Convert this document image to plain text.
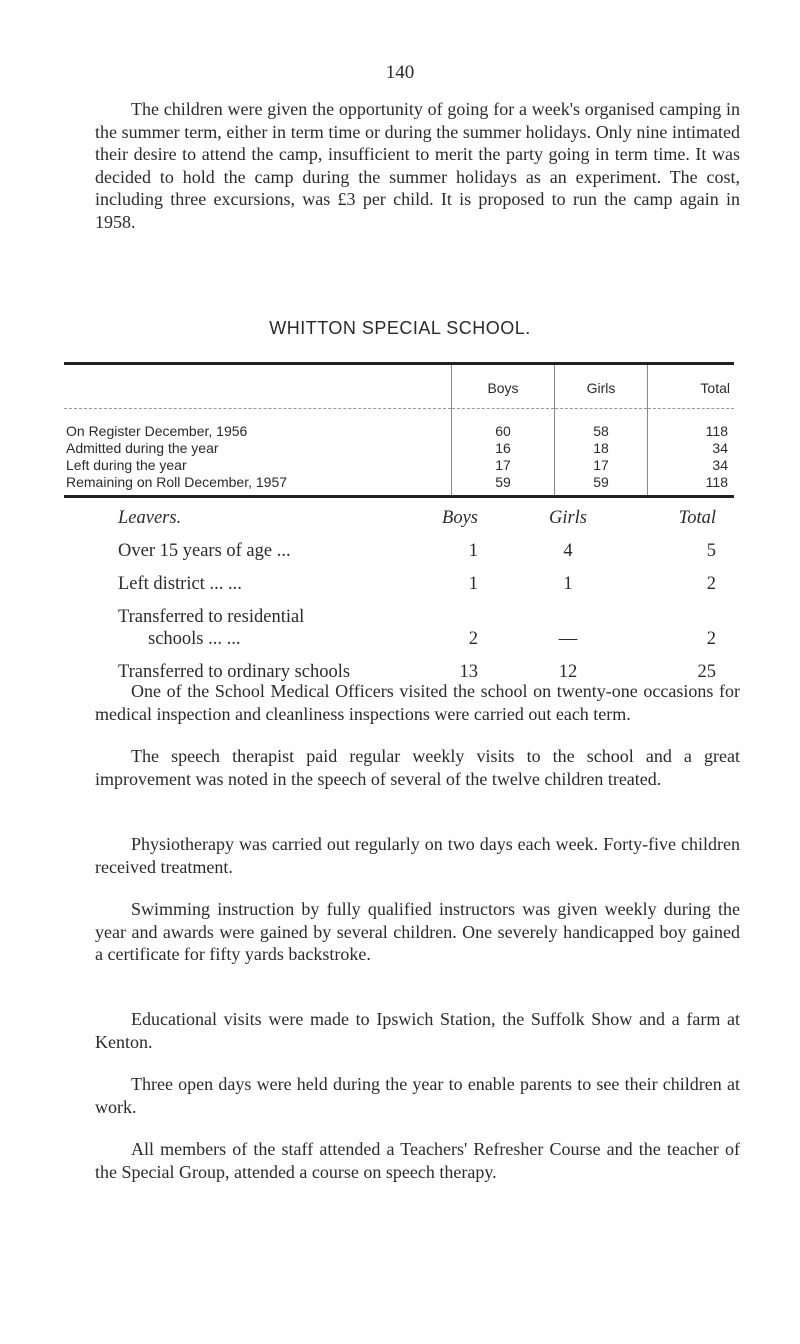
140

The children were given the opportunity of going for a week's organised camping in the summer term, either in term time or during the summer holidays. Only nine intimated their desire to attend the camp, insufficient to merit the party going in term time. It was decided to hold the camp during the summer holidays as an experiment. The cost, including three excursions, was £3 per child. It is proposed to run the camp again in 1958.

WHITTON SPECIAL SCHOOL.
	Boys	Girls	Total
On Register December, 1956	60	58	118
Admitted during the year	16	18	34
Left during the year	17	17	34
Remaining on Roll December, 1957	59	59	118
Leavers.	Boys	Girls	Total
Over 15 years of age ...	1	4	5
Left district ... ...	1	1	2
Transferred to residential
schools ... ...	2	—	2
Transferred to ordinary schools	13	12	25

One of the School Medical Officers visited the school on twenty-one occasions for medical inspection and cleanliness inspections were carried out each term.

The speech therapist paid regular weekly visits to the school and a great improvement was noted in the speech of several of the twelve children treated.

Physiotherapy was carried out regularly on two days each week. Forty-five children received treatment.

Swimming instruction by fully qualified instructors was given weekly during the year and awards were gained by several children. One severely handicapped boy gained a certificate for fifty yards backstroke.

Educational visits were made to Ipswich Station, the Suffolk Show and a farm at Kenton.

Three open days were held during the year to enable parents to see their children at work.

All members of the staff attended a Teachers' Refresher Course and the teacher of the Special Group, attended a course on speech therapy.
